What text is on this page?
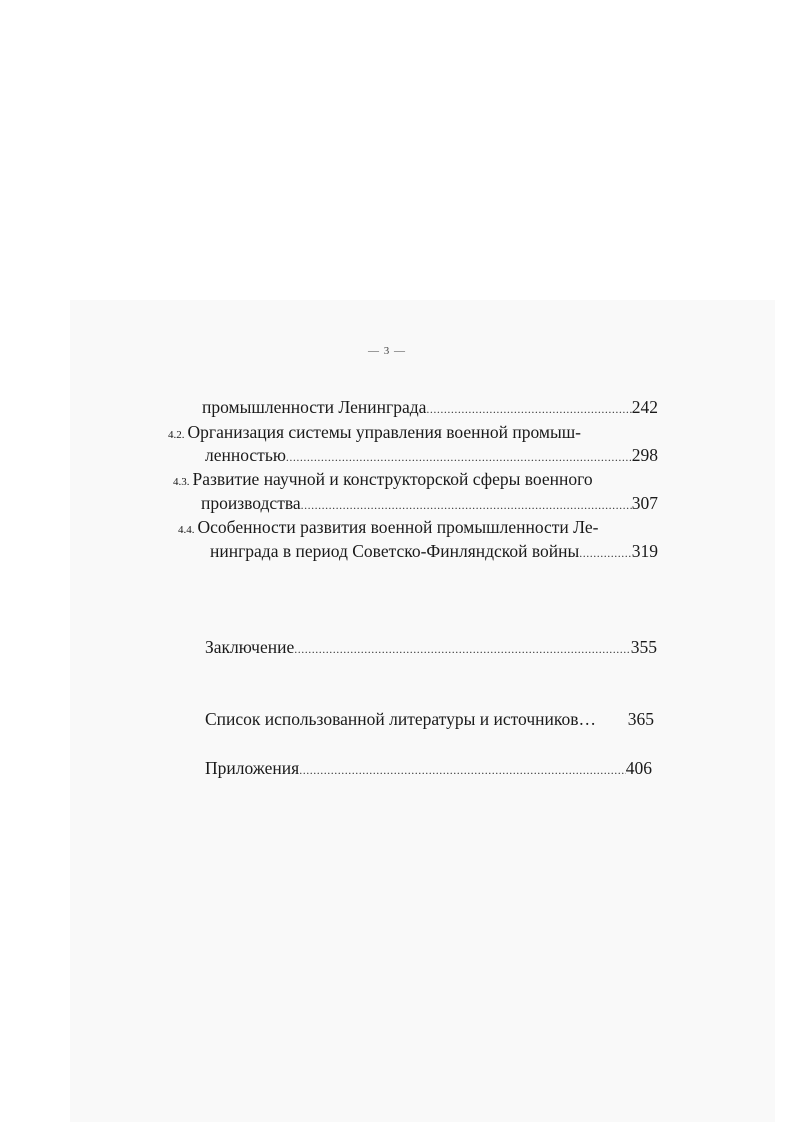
— 3 —
промышленности Ленинграда .....	242
4.2. Организация системы управления военной промыш-
ленностью .....	298
4.3. Развитие научной и конструкторской сферы военного
производства .....	307
4.4. Особенности развития военной промышленности Ле-
нинграда в период Советско-Финляндской войны .....	319
Заключение .....	355
Список использованной литературы и источников… 365
Приложения .....	406
